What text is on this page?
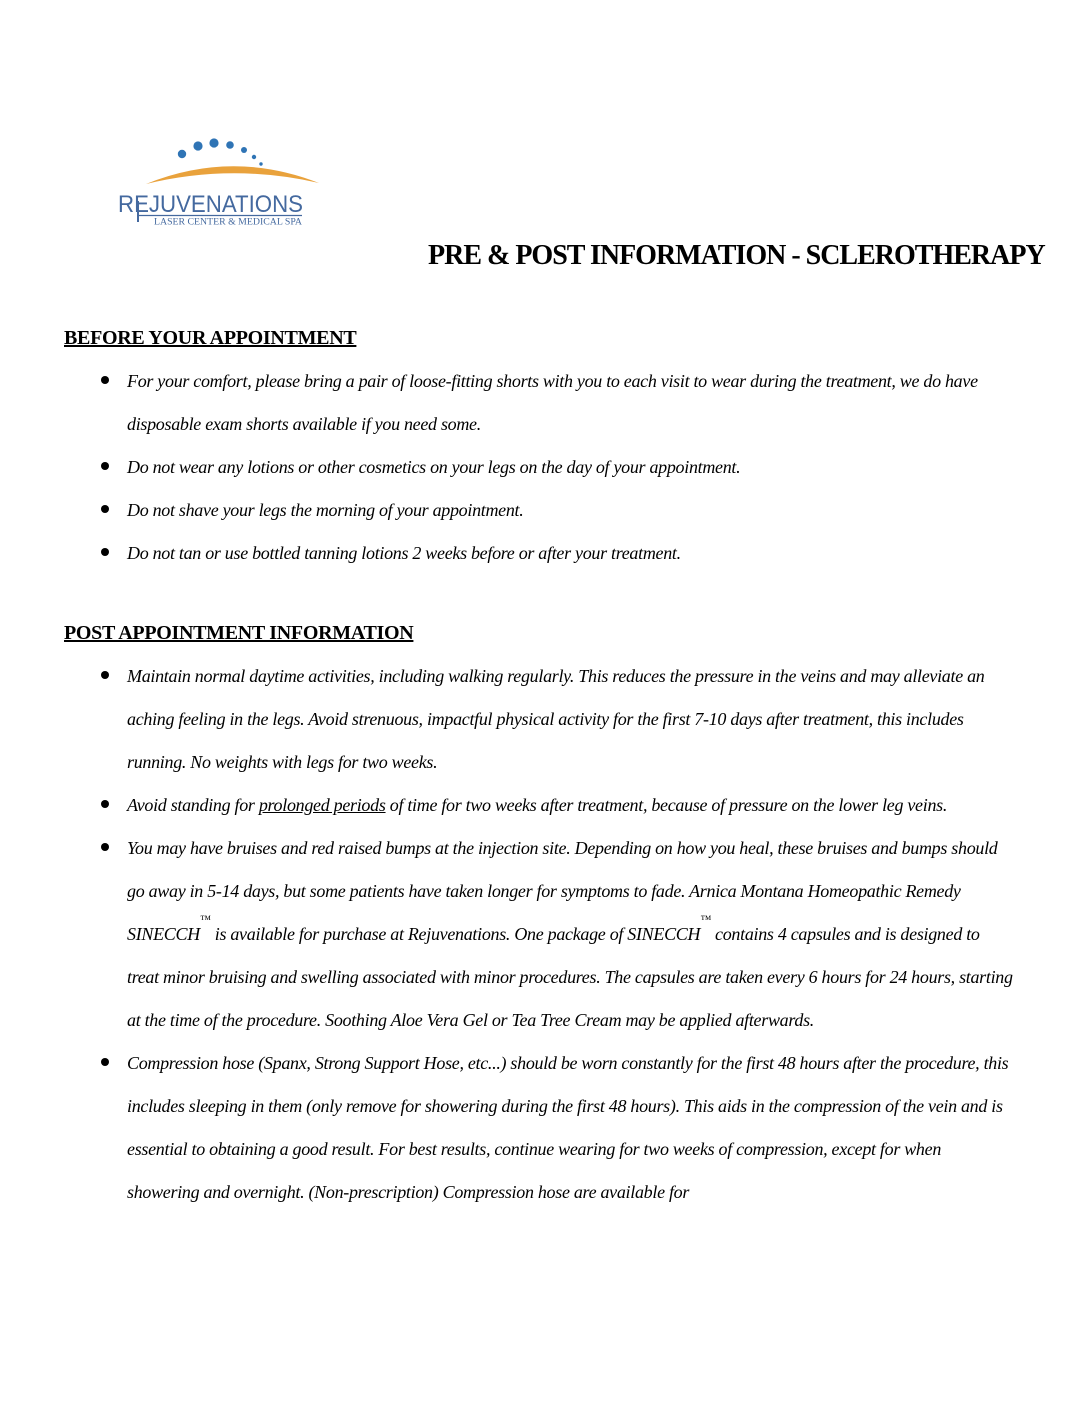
REJUVENATIONS
LASER CENTER & MEDICAL SPA
PRE & POST INFORMATION - SCLEROTHERAPY
BEFORE YOUR APPOINTMENT
For your comfort, please bring a pair of loose-fitting shorts with you to each visit to wear during the treatment, we do have disposable exam shorts available if you need some.
Do not wear any lotions or other cosmetics on your legs on the day of your appointment.
Do not shave your legs the morning of your appointment.
Do not tan or use bottled tanning lotions 2 weeks before or after your treatment.
POST APPOINTMENT INFORMATION
Maintain normal daytime activities, including walking regularly. This reduces the pressure in the veins and may alleviate an aching feeling in the legs. Avoid strenuous, impactful physical activity for the first 7-10 days after treatment, this includes running. No weights with legs for two weeks.
Avoid standing for prolonged periods of time for two weeks after treatment, because of pressure on the lower leg veins.
You may have bruises and red raised bumps at the injection site. Depending on how you heal, these bruises and bumps should go away in 5-14 days, but some patients have taken longer for symptoms to fade. Arnica Montana Homeopathic Remedy SINECCH™ is available for purchase at Rejuvenations. One package of SINECCH™ contains 4 capsules and is designed to treat minor bruising and swelling associated with minor procedures. The capsules are taken every 6 hours for 24 hours, starting at the time of the procedure. Soothing Aloe Vera Gel or Tea Tree Cream may be applied afterwards.
Compression hose (Spanx, Strong Support Hose, etc...) should be worn constantly for the first 48 hours after the procedure, this includes sleeping in them (only remove for showering during the first 48 hours). This aids in the compression of the vein and is essential to obtaining a good result. For best results, continue wearing for two weeks of compression, except for when showering and overnight. (Non-prescription) Compression hose are available for
